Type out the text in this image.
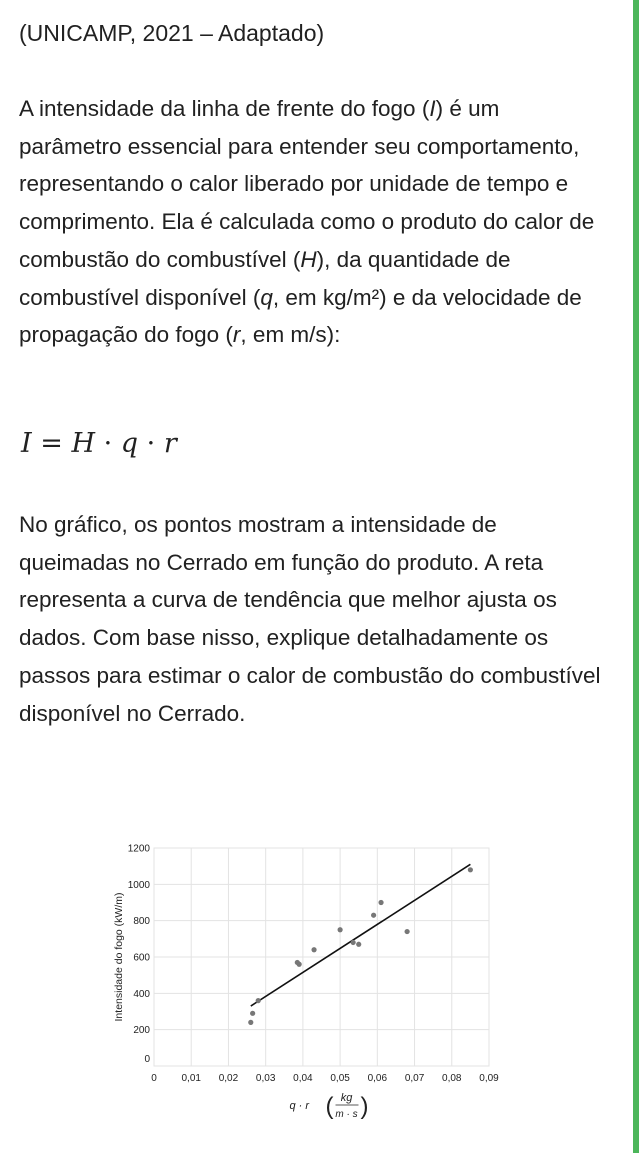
(UNICAMP, 2021 – Adaptado)

A intensidade da linha de frente do fogo (I) é um parâmetro essencial para entender seu comportamento, representando o calor liberado por unidade de tempo e comprimento. Ela é calculada como o produto do calor de combustão do combustível (H), da quantidade de combustível disponível (q, em kg/m²) e da velocidade de propagação do fogo (r, em m/s):

I = H · q · r

No gráfico, os pontos mostram a intensidade de queimadas no Cerrado em função do produto. A reta representa a curva de tendência que melhor ajusta os dados. Com base nisso, explique detalhadamente os passos para estimar o calor de combustão do combustível disponível no Cerrado.

0 0,01 0,02 0,03 0,04 0,05 0,06 0,07 0,08 0,09
0
200
400
600
800
1000
1200
Intensidade do fogo (kW/m)
q · r ( kg
m · s )
